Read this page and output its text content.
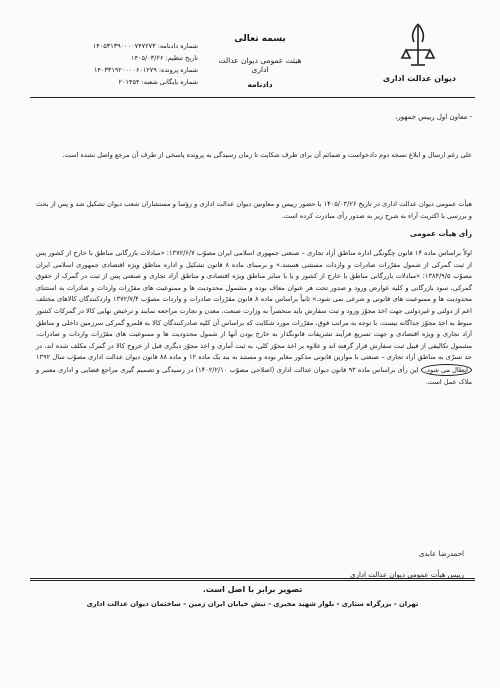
دیوان عدالت اداری
بسمه تعالی
هیئت عمومی دیوان عدالت اداری
دادنامه
شماره دادنامه: ۱۴۰۵۳۱۳۹۰۰۰۰۷۴۷۲۷۳
تاریخ تنظیم: ۱۴۰۵/۰۳/۲۶
شماره پرونده: ۱۴۰۳۳۱۹۲۰۰۰۰۶۰۱۲۷۹
شماره بایگانی شعبه: ۲۰۱۴۵۴

- معاون اول رییس جمهور،

علی رغم ارسال و ابلاغ نسخه دوم دادخواست و ضمائم آن برای طرف شکایت تا زمان رسیدگی به پرونده پاسخی از طرف آن مرجع واصل نشده است.

هیأت عمومی دیوان عدالت اداری در تاریخ ۱۴۰۵/۰۳/۲۶ با حضور رییس و معاونین دیوان عدالت اداری و رؤسا و مستشاران شعب دیوان تشکیل شد و پس از بحث و بررسی با اکثریت آراء به شرح زیر به صدور رأی مبادرت کرده است.

رأی هیأت عمومی

اولاً براساس ماده ۱۴ قانون چگونگی اداره مناطق آزاد تجاری – صنعتی جمهوری اسلامی ایران مصوّب ۱۳۷۲/۶/۷: «مبادلات بازرگانی مناطق با خارج از کشور پس از ثبت گمرکی از شمول مقرّرات صادرات و واردات مستثنی هستند.» و برمبنای ماده ۸ قانون تشکیل و اداره مناطق ویژه اقتصادی جمهوری اسلامی ایران مصوّب ۱۳۸۴/۹/۵: «مبادلات بازرگانی مناطق با خارج از کشور و یا با سایر مناطق ویژه اقتصادی و مناطق آزاد تجاری و صنعتی پس از ثبت در گمرک از حقوق گمرکی، سود بازرگانی و کلیه عوارض ورود و صدور تحت هر عنوان معاف بوده و مشمول محدودیت ها و ممنوعیت های مقرّرات واردات و صادرات به استثنای محدودیت ها و ممنوعیت های قانونی و شرعی نمی شود.» ثانیاً براساس ماده ۸ قانون مقرّرات صادرات و واردات مصوّب ۱۳۷۲/۷/۴ واردکنندگان کالاهای مختلف اعم از دولتی و غیردولتی جهت اخذ مجوّز ورود و ثبت سفارش باید منحصراً به وزارت صنعت، معدن و تجارت مراجعه نمایند و ترخیص نهایی کالا در گمرکات کشور منوط به اخذ مجوّز جداگانه نیست. با توجه به مراتب فوق، مقرّرات مورد شکایت که براساس آن کلیه صادرکنندگان کالا به قلمرو گمرکی سرزمین داخلی و مناطق آزاد تجاری و ویژه اقتصادی و جهت تسریع فرآیند تشریفات قانونگذار به خارج بودن آنها از شمول محدودیت ها و ممنوعیت های مقرّرات واردات و صادرات، مشمول تکالیفی از قبیل ثبت سفارش قرار گرفته اند و علاوه بر اخذ مجوّز کلی، به ثبت آماری و اخذ مجوّز دیگری قبل از خروج کالا در گمرک مکلف شده اند، در حد تسرّی به مناطق آزاد تجاری – صنعتی با موازین قانونی مذکور مغایر بوده و مستند به بند یک ماده ۱۲ و ماده ۸۸ قانون دیوان عدالت اداری مصوّب سال ۱۳۹۲ ابطال می شود. این رأی براساس ماده ۹۳ قانون دیوان عدالت اداری (اصلاحی مصوّب ۱۴۰۲/۲/۱۰) در رسیدگی و تصمیم گیری مراجع قضایی و اداری معتبر و ملاک عمل است.

احمدرضا عابدی
رییس هیأت عمومی دیوان عدالت اداری
تصویر برابر با اصل است.
تهران - بزرگراه ستاری - بلوار شهید مخبری - نبش خیابان ایران زمین - ساختمان دیوان عدالت اداری
